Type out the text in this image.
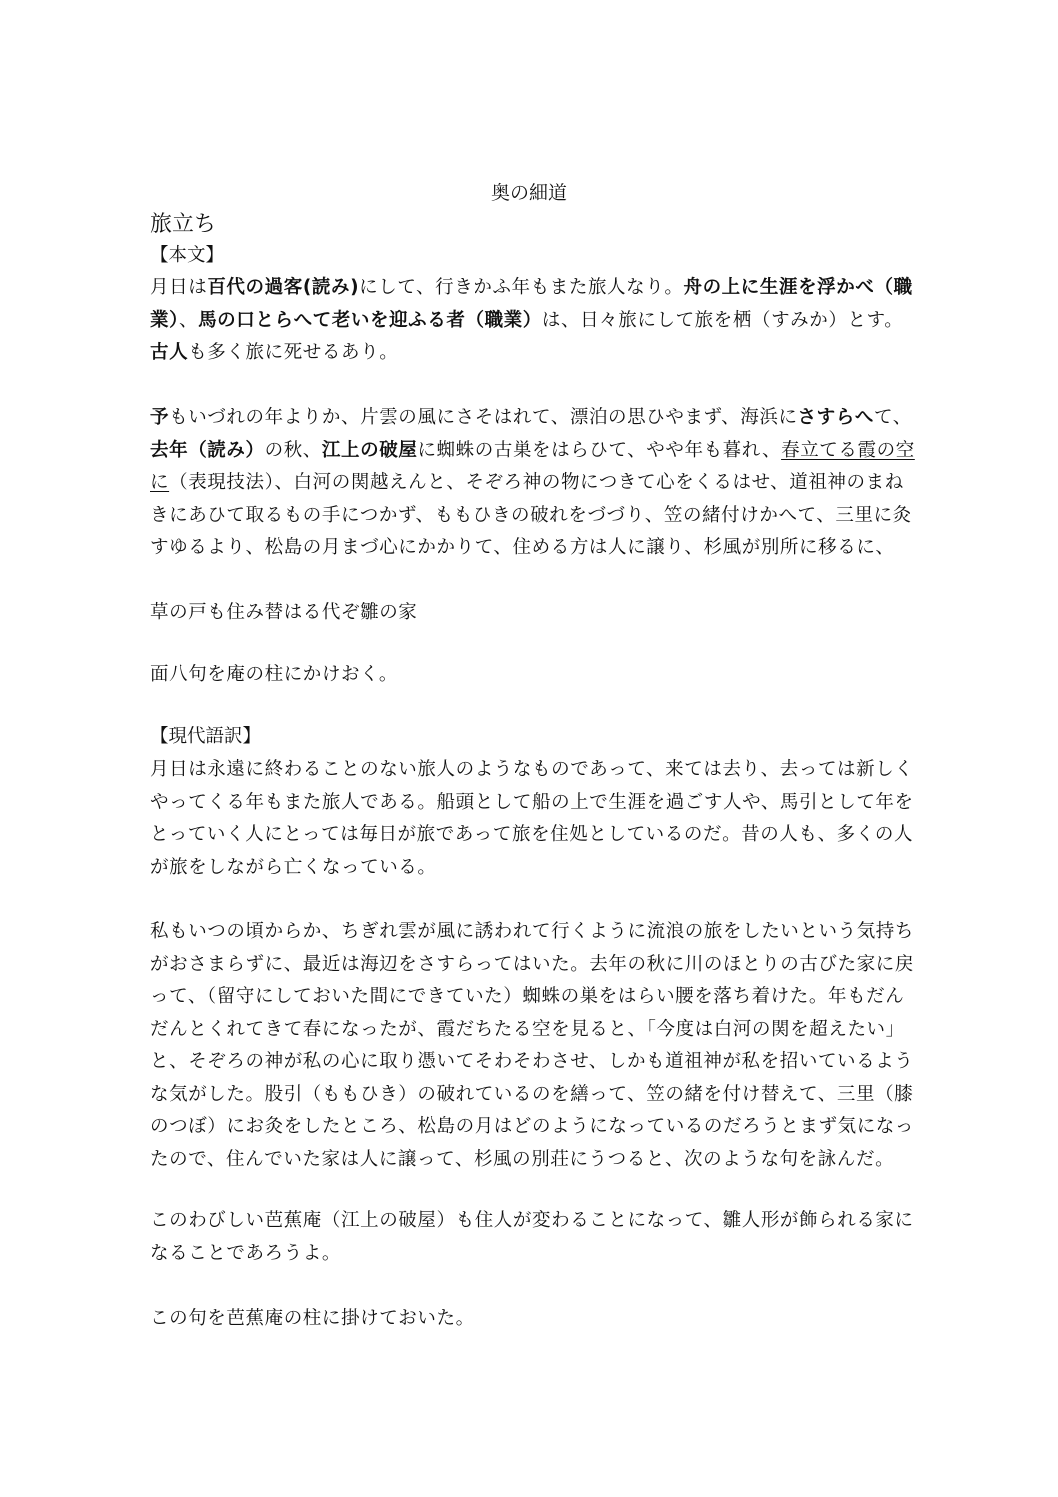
奥の細道
旅立ち
【本文】

月日は百代の過客(読み)にして、行きかふ年もまた旅人なり。舟の上に生涯を浮かべ（職業）、馬の口とらへて老いを迎ふる者（職業）は、日々旅にして旅を栖（すみか）とす。古人も多く旅に死せるあり。

予もいづれの年よりか、片雲の風にさそはれて、漂泊の思ひやまず、海浜にさすらへて、去年（読み）の秋、江上の破屋に蜘蛛の古巣をはらひて、やや年も暮れ、春立てる霞の空に（表現技法）、白河の関越えんと、そぞろ神の物につきて心をくるはせ、道祖神のまねきにあひて取るもの手につかず、ももひきの破れをづづり、笠の緒付けかへて、三里に灸すゆるより、松島の月まづ心にかかりて、住める方は人に譲り、杉風が別所に移るに、

草の戸も住み替はる代ぞ雛の家

面八句を庵の柱にかけおく。

【現代語訳】

月日は永遠に終わることのない旅人のようなものであって、来ては去り、去っては新しくやってくる年もまた旅人である。船頭として船の上で生涯を過ごす人や、馬引として年をとっていく人にとっては毎日が旅であって旅を住処としているのだ。昔の人も、多くの人が旅をしながら亡くなっている。

私もいつの頃からか、ちぎれ雲が風に誘われて行くように流浪の旅をしたいという気持ちがおさまらずに、最近は海辺をさすらってはいた。去年の秋に川のほとりの古びた家に戻って、（留守にしておいた間にできていた）蜘蛛の巣をはらい腰を落ち着けた。年もだんだんとくれてきて春になったが、霞だちたる空を見ると、「今度は白河の関を超えたい」と、そぞろの神が私の心に取り憑いてそわそわさせ、しかも道祖神が私を招いているような気がした。股引（ももひき）の破れているのを繕って、笠の緒を付け替えて、三里（膝のつぼ）にお灸をしたところ、松島の月はどのようになっているのだろうとまず気になったので、住んでいた家は人に譲って、杉風の別荘にうつると、次のような句を詠んだ。

このわびしい芭蕉庵（江上の破屋）も住人が変わることになって、雛人形が飾られる家になることであろうよ。

この句を芭蕉庵の柱に掛けておいた。
